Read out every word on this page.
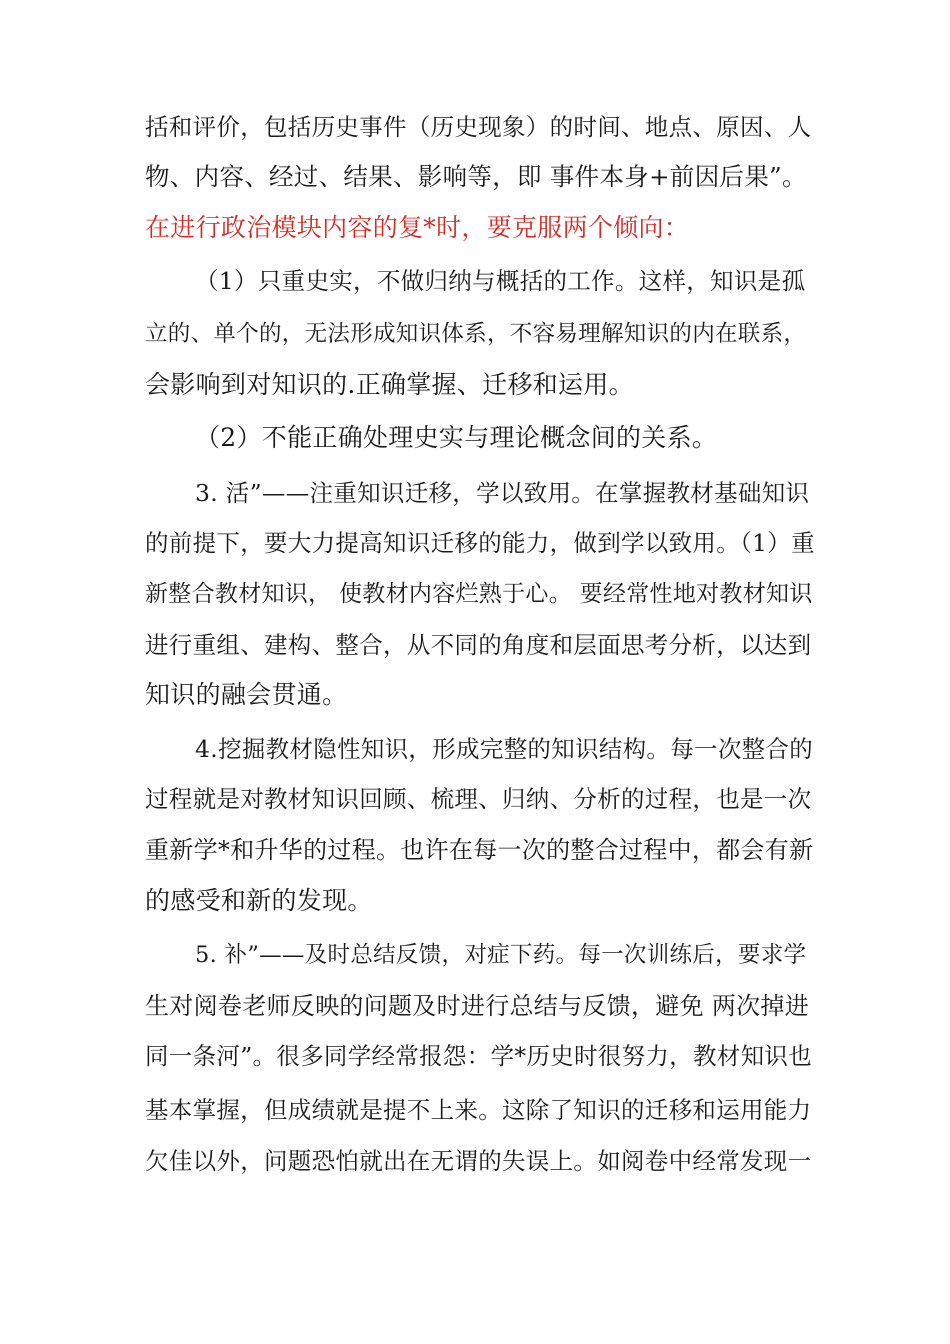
括和评价，包括历史事件（历史现象）的时间、地点、原因、人
物、内容、经过、结果、影响等，即 事件本身+前因后果”。
在进行政治模块内容的复*时，要克服两个倾向：
（1）只重史实，不做归纳与概括的工作。这样，知识是孤
立的、单个的，无法形成知识体系，不容易理解知识的内在联系，
会影响到对知识的.正确掌握、迁移和运用。
（2）不能正确处理史实与理论概念间的关系。
3. 活”——注重知识迁移，学以致用。在掌握教材基础知识
的前提下，要大力提高知识迁移的能力，做到学以致用。（1）重
新整合教材知识， 使教材内容烂熟于心。 要经常性地对教材知识
进行重组、建构、整合，从不同的角度和层面思考分析，以达到
知识的融会贯通。
4.挖掘教材隐性知识，形成完整的知识结构。每一次整合的
过程就是对教材知识回顾、梳理、归纳、分析的过程，也是一次
重新学*和升华的过程。也许在每一次的整合过程中，都会有新
的感受和新的发现。
5. 补”——及时总结反馈，对症下药。每一次训练后，要求学
生对阅卷老师反映的问题及时进行总结与反馈，避免 两次掉进
同一条河”。很多同学经常报怨：学*历史时很努力，教材知识也
基本掌握，但成绩就是提不上来。这除了知识的迁移和运用能力
欠佳以外，问题恐怕就出在无谓的失误上。如阅卷中经常发现一
